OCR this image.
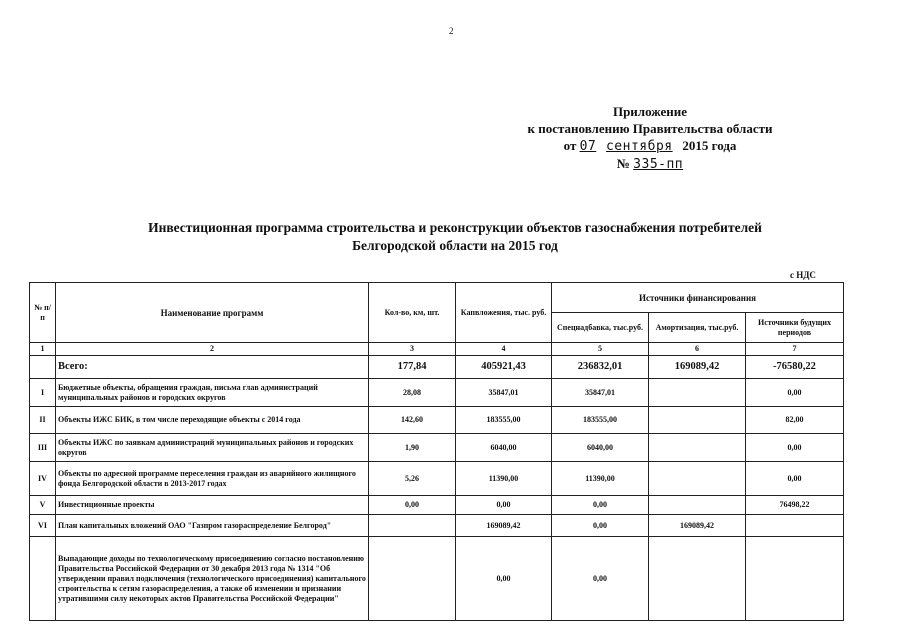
2
Приложение
к постановлению Правительства области
от 07 сентября 2015 года
№ 335-пп
Инвестиционная программа строительства и реконструкции объектов газоснабжения потребителей
Белгородской области на 2015 год
с НДС
№ п/п	Наименование программ	Кол-во, км, шт.	Капвложения, тыс. руб.	Источники финансирования		
				Спецнадбавка, тыс.руб.	Амортизация, тыс.руб.	Источники будущих периодов
1	2	3	4	5	6	7
	Всего:	177,84	405921,43	236832,01	169089,42	-76580,22
I	Бюджетные объекты, обращения граждан, письма глав администраций муниципальных районов и городских округов	28,08	35847,01	35847,01		0,00
II	Объекты ИЖС БИК, в том числе переходящие объекты с 2014 года	142,60	183555,00	183555,00		82,00
III	Объекты ИЖС по заявкам администраций муниципальных районов и городских округов	1,90	6040,00	6040,00		0,00
IV	Объекты по адресной программе переселения граждан из аварийного жилищного фонда Белгородской области в 2013-2017 годах	5,26	11390,00	11390,00		0,00
V	Инвестиционные проекты	0,00	0,00	0,00		76498,22
VI	План капитальных вложений ОАО "Газпром газораспределение Белгород"		169089,42	0,00	169089,42	
	Выпадающие доходы по технологическому присоединению согласно постановлению Правительства Российской Федерации от 30 декабря 2013 года № 1314 "Об утверждении правил подключения (технологического присоединения) капитального строительства к сетям газораспределения, а также об изменении и признании утратившими силу некоторых актов Правительства Российской Федерации"		0,00	0,00		
